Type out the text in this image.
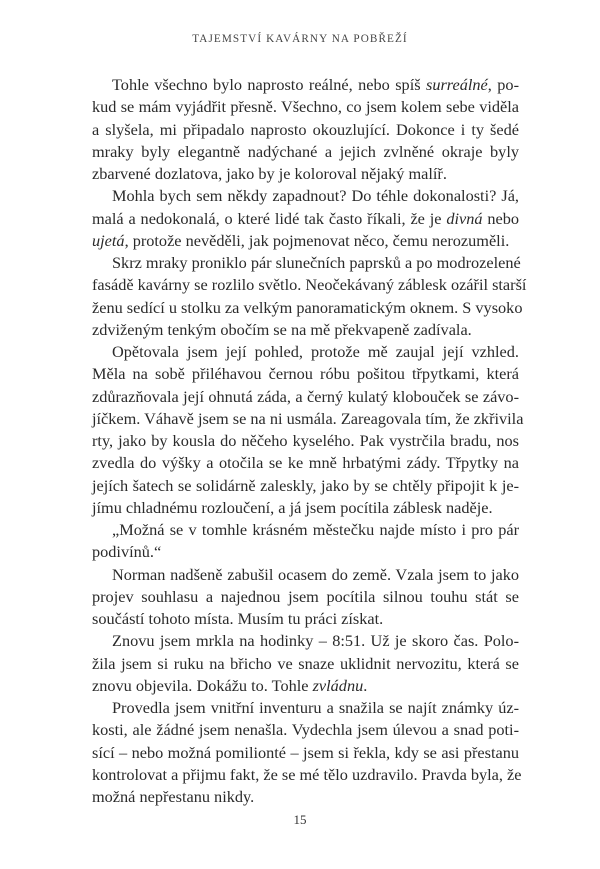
TAJEMSTVÍ KAVÁRNY NA POBŘEŽÍ
Tohle všechno bylo naprosto reálné, nebo spíš surreálné, po-
kud se mám vyjádřit přesně. Všechno, co jsem kolem sebe viděla
a slyšela, mi připadalo naprosto okouzlující. Dokonce i ty šedé
mraky byly elegantně nadýchané a jejich zvlněné okraje byly
zbarvené dozlatova, jako by je koloroval nějaký malíř.
Mohla bych sem někdy zapadnout? Do téhle dokonalosti? Já,
malá a nedokonalá, o které lidé tak často říkali, že je divná nebo
ujetá, protože nevěděli, jak pojmenovat něco, čemu nerozuměli.
Skrz mraky proniklo pár slunečních paprsků a po modrozelené
fasádě kavárny se rozlilo světlo. Neočekávaný záblesk ozářil starší
ženu sedící u stolku za velkým panoramatickým oknem. S vysoko
zdviženým tenkým obočím se na mě překvapeně zadívala.
Opětovala jsem její pohled, protože mě zaujal její vzhled.
Měla na sobě přiléhavou černou róbu pošitou třpytkami, která
zdůrazňovala její ohnutá záda, a černý kulatý klobouček se závo-
jíčkem. Váhavě jsem se na ni usmála. Zareagovala tím, že zkřivila
rty, jako by kousla do něčeho kyselého. Pak vystrčila bradu, nos
zvedla do výšky a otočila se ke mně hrbatými zády. Třpytky na
jejích šatech se solidárně zaleskly, jako by se chtěly připojit k je-
jímu chladnému rozloučení, a já jsem pocítila záblesk naděje.
„Možná se v tomhle krásném městečku najde místo i pro pár
podivínů.“
Norman nadšeně zabušil ocasem do země. Vzala jsem to jako
projev souhlasu a najednou jsem pocítila silnou touhu stát se
součástí tohoto místa. Musím tu práci získat.
Znovu jsem mrkla na hodinky – 8:51. Už je skoro čas. Polo-
žila jsem si ruku na břicho ve snaze uklidnit nervozitu, která se
znovu objevila. Dokážu to. Tohle zvládnu.
Provedla jsem vnitřní inventuru a snažila se najít známky úz-
kosti, ale žádné jsem nenašla. Vydechla jsem úlevou a snad poti-
sící – nebo možná pomilionté – jsem si řekla, kdy se asi přestanu
kontrolovat a přijmu fakt, že se mé tělo uzdravilo. Pravda byla, že
možná nepřestanu nikdy.
15
